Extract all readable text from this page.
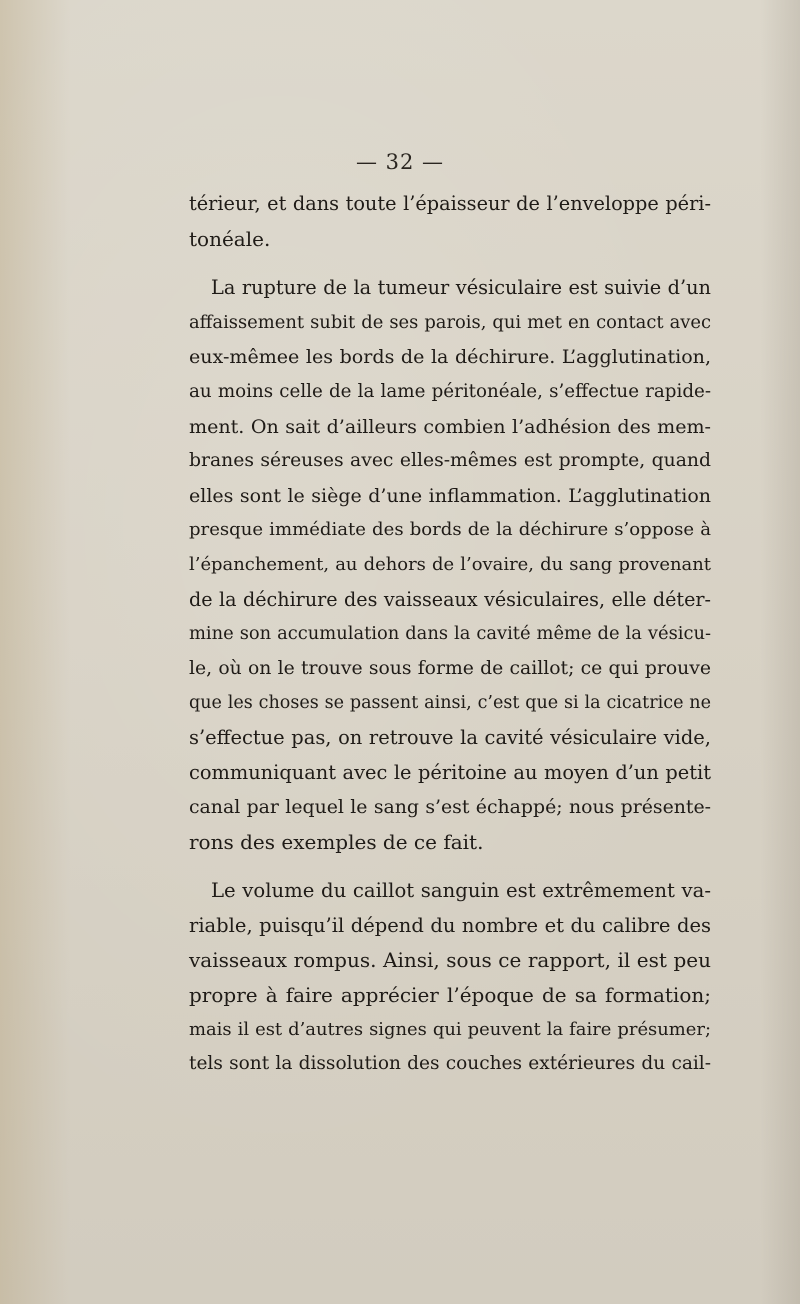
— 32 —

térieur, et dans toute l’épaisseur de l’enveloppe péri-
tonéale.

La rupture de la tumeur vésiculaire est suivie d’un
affaissement subit de ses parois, qui met en contact avec
eux-mêmee les bords de la déchirure. L’agglutination,
au moins celle de la lame péritonéale, s’effectue rapide-
ment. On sait d’ailleurs combien l’adhésion des mem-
branes séreuses avec elles-mêmes est prompte, quand
elles sont le siège d’une inflammation. L’agglutination
presque immédiate des bords de la déchirure s’oppose à
l’épanchement, au dehors de l’ovaire, du sang provenant
de la déchirure des vaisseaux vésiculaires, elle déter-
mine son accumulation dans la cavité même de la vésicu-
le, où on le trouve sous forme de caillot; ce qui prouve
que les choses se passent ainsi, c’est que si la cicatrice ne
s’effectue pas, on retrouve la cavité vésiculaire vide,
communiquant avec le péritoine au moyen d’un petit
canal par lequel le sang s’est échappé; nous présente-
rons des exemples de ce fait.

Le volume du caillot sanguin est extrêmement va-
riable, puisqu’il dépend du nombre et du calibre des
vaisseaux rompus. Ainsi, sous ce rapport, il est peu
propre à faire apprécier l’époque de sa formation;
mais il est d’autres signes qui peuvent la faire présumer;
tels sont la dissolution des couches extérieures du cail-
